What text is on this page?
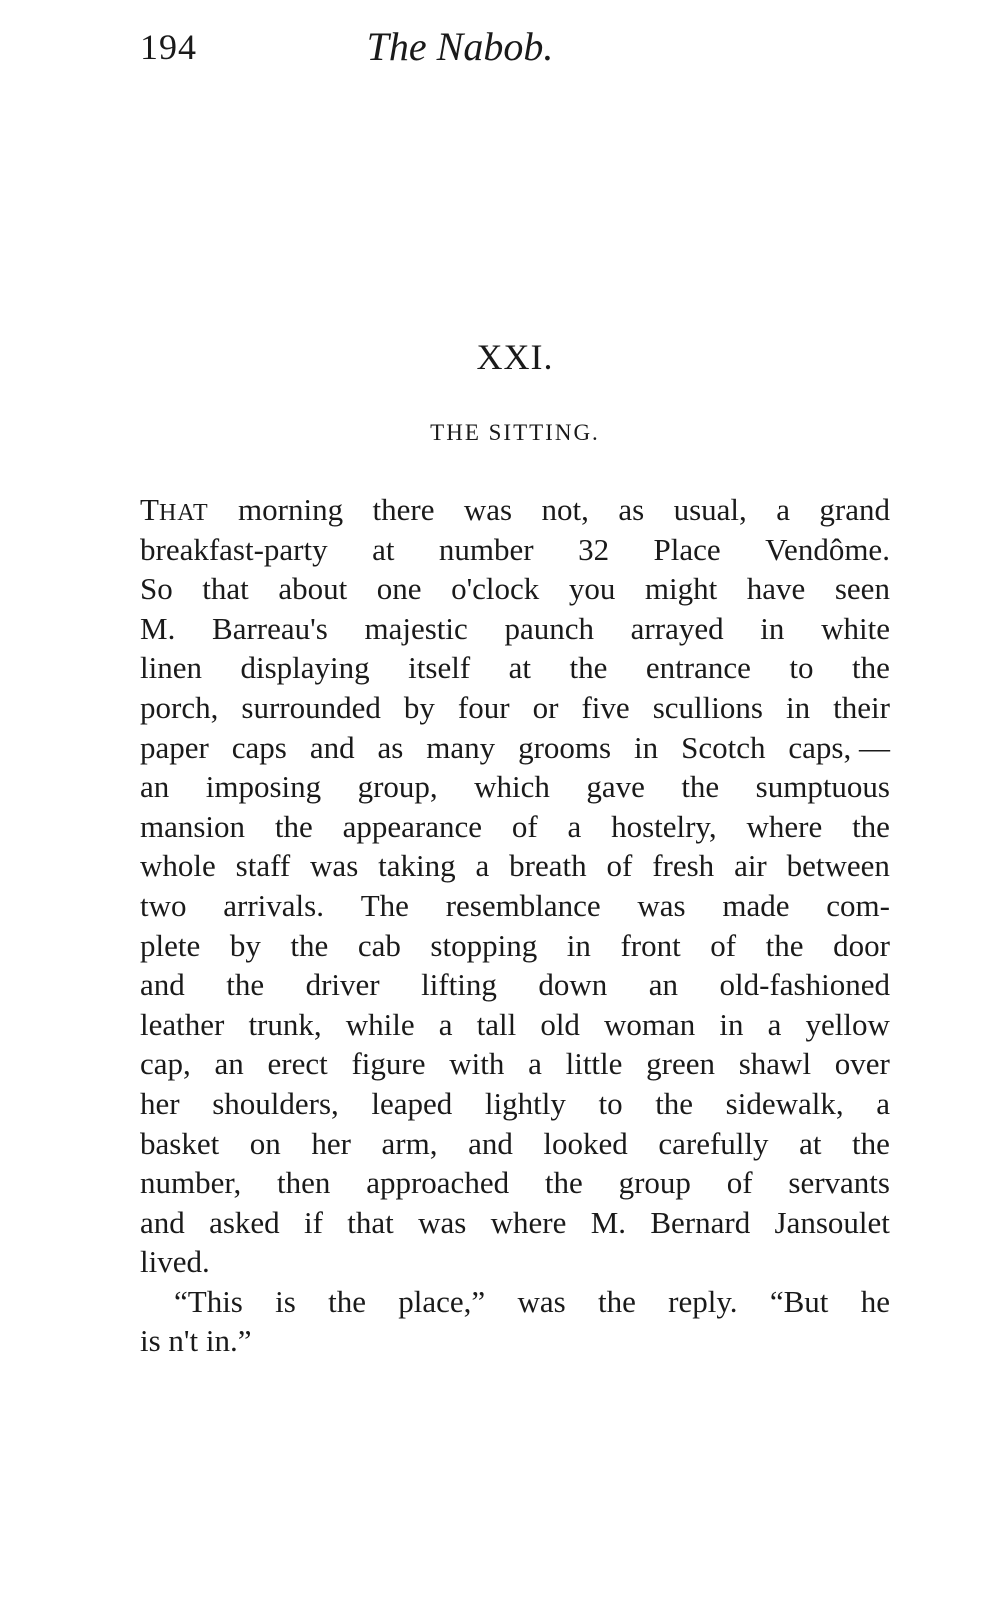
194	The Nabob.
XXI.
THE SITTING.
THAT morning there was not, as usual, a grand
breakfast-party at number 32 Place Vendôme.
So that about one o'clock you might have seen
M. Barreau's majestic paunch arrayed in white
linen displaying itself at the entrance to the
porch, surrounded by four or five scullions in their
paper caps and as many grooms in Scotch caps, —
an imposing group, which gave the sumptuous
mansion the appearance of a hostelry, where the
whole staff was taking a breath of fresh air between
two arrivals. The resemblance was made com-
plete by the cab stopping in front of the door
and the driver lifting down an old-fashioned
leather trunk, while a tall old woman in a yellow
cap, an erect figure with a little green shawl over
her shoulders, leaped lightly to the sidewalk, a
basket on her arm, and looked carefully at the
number, then approached the group of servants
and asked if that was where M. Bernard Jansoulet
lived.
“This is the place,” was the reply. “But he
is n't in.”
